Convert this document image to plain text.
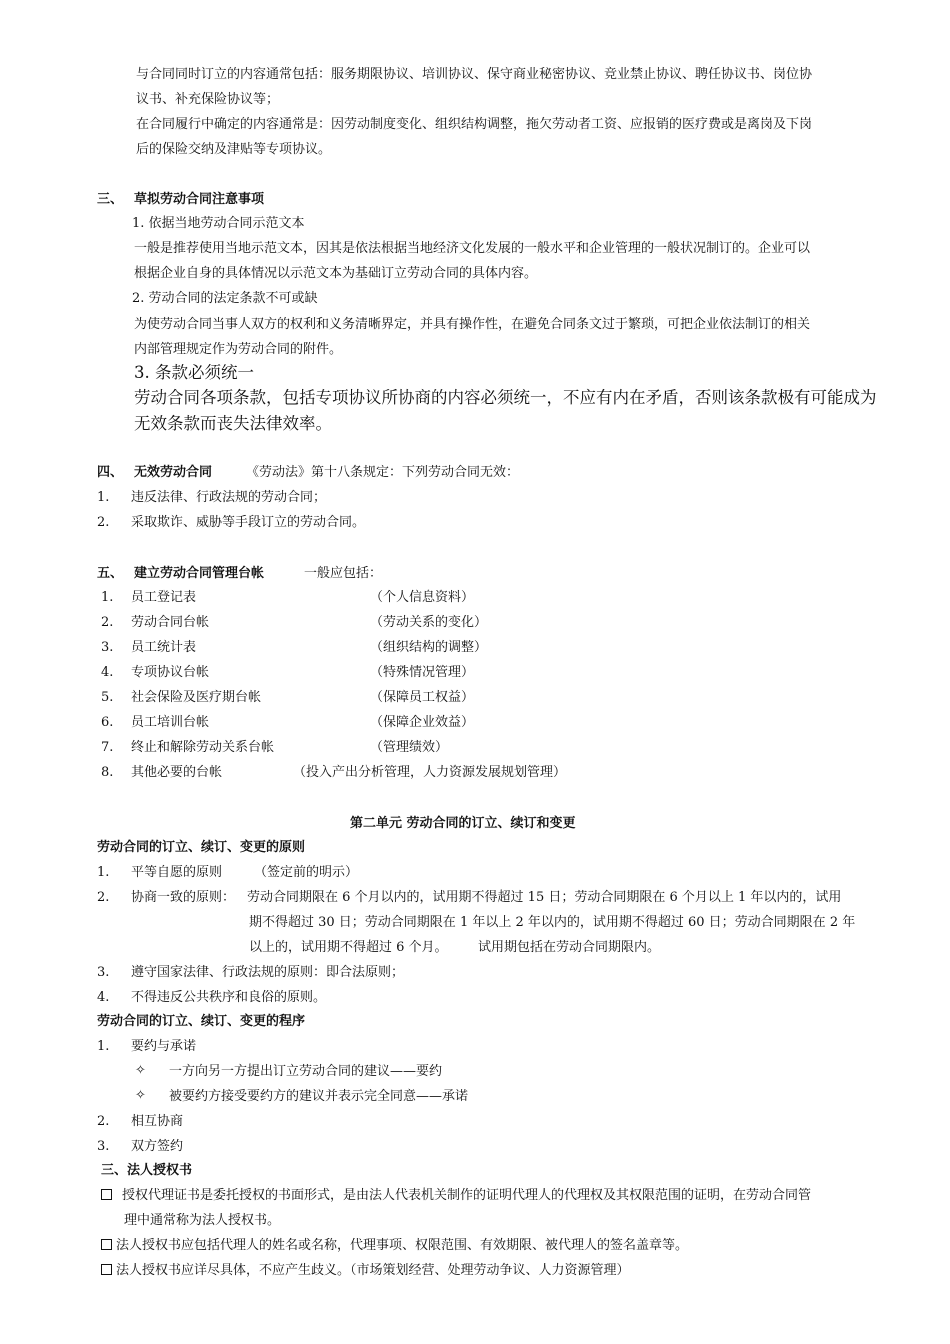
与合同同时订立的内容通常包括：服务期限协议、培训协议、保守商业秘密协议、竞业禁止协议、聘任协议书、岗位协
议书、补充保险协议等；
在合同履行中确定的内容通常是：因劳动制度变化、组织结构调整，拖欠劳动者工资、应报销的医疗费或是离岗及下岗
后的保险交纳及津贴等专项协议。
三、 草拟劳动合同注意事项
1. 依据当地劳动合同示范文本
一般是推荐使用当地示范文本，因其是依法根据当地经济文化发展的一般水平和企业管理的一般状况制订的。企业可以
根据企业自身的具体情况以示范文本为基础订立劳动合同的具体内容。
2. 劳动合同的法定条款不可或缺
为使劳动合同当事人双方的权利和义务清晰界定，并具有操作性，在避免合同条文过于繁琐，可把企业依法制订的相关
内部管理规定作为劳动合同的附件。
3. 条款必须统一
劳动合同各项条款，包括专项协议所协商的内容必须统一，不应有内在矛盾，否则该条款极有可能成为
无效条款而丧失法律效率。
四、 无效劳动合同	《劳动法》第十八条规定：下列劳动合同无效：
1. 违反法律、行政法规的劳动合同；
2. 采取欺诈、威胁等手段订立的劳动合同。
五、 建立劳动合同管理台帐	一般应包括：
1. 员工登记表	（个人信息资料）
2. 劳动合同台帐	（劳动关系的变化）
3. 员工统计表	（组织结构的调整）
4. 专项协议台帐	（特殊情况管理）
5. 社会保险及医疗期台帐	（保障员工权益）
6. 员工培训台帐	（保障企业效益）
7. 终止和解除劳动关系台帐	（管理绩效）
8. 其他必要的台帐	（投入产出分析管理，人力资源发展规划管理）
第二单元 劳动合同的订立、续订和变更
劳动合同的订立、续订、变更的原则
1. 平等自愿的原则 （签定前的明示）
2. 协商一致的原则： 劳动合同期限在 6 个月以内的，试用期不得超过 15 日；劳动合同期限在 6 个月以上 1 年以内的，试用
期不得超过 30 日；劳动合同期限在 1 年以上 2 年以内的，试用期不得超过 60 日；劳动合同期限在 2 年
以上的，试用期不得超过 6 个月。 试用期包括在劳动合同期限内。
3. 遵守国家法律、行政法规的原则：即合法原则；
4. 不得违反公共秩序和良俗的原则。
劳动合同的订立、续订、变更的程序
1. 要约与承诺
✧ 一方向另一方提出订立劳动合同的建议——要约
✧ 被要约方接受要约方的建议并表示完全同意——承诺
2. 相互协商
3. 双方签约
三、法人授权书
授权代理证书是委托授权的书面形式，是由法人代表机关制作的证明代理人的代理权及其权限范围的证明，在劳动合同管
理中通常称为法人授权书。
法人授权书应包括代理人的姓名或名称，代理事项、权限范围、有效期限、被代理人的签名盖章等。
法人授权书应详尽具体，不应产生歧义。（市场策划经营、处理劳动争议、人力资源管理）
